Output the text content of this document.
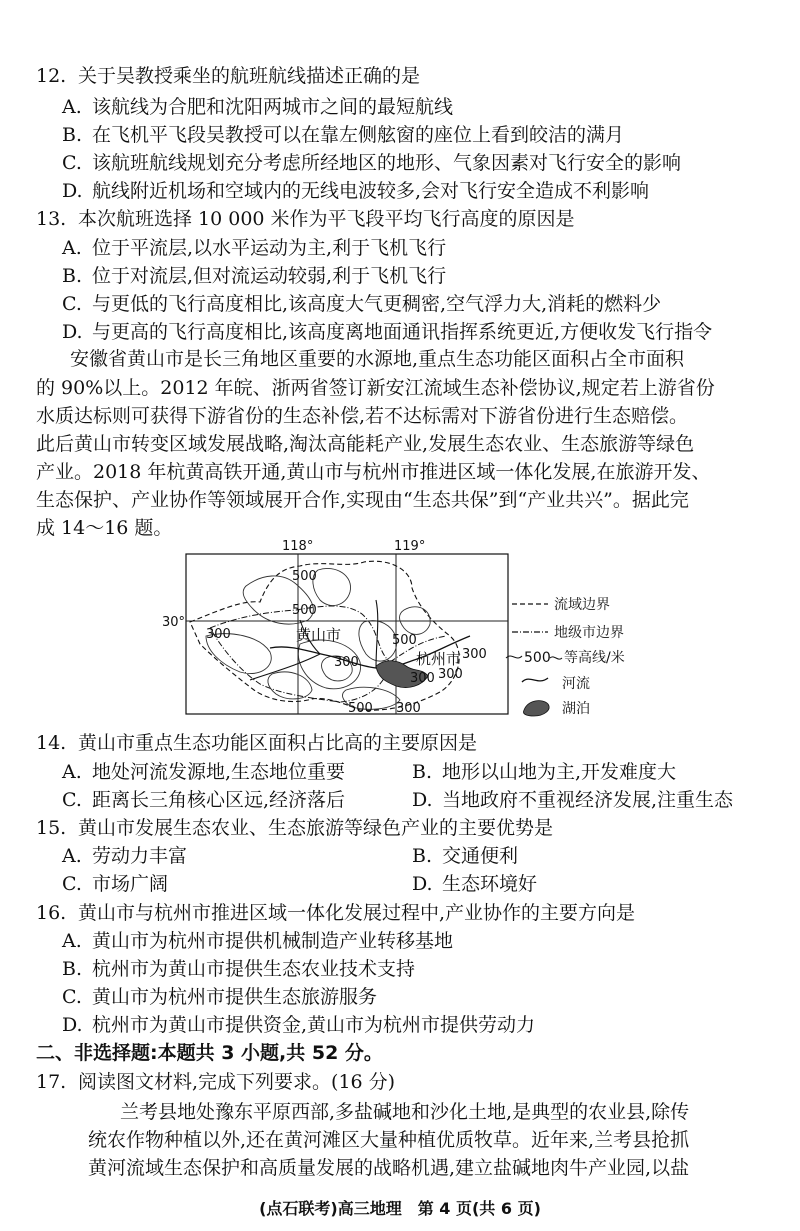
12. 关于吴教授乘坐的航班航线描述正确的是
A. 该航线为合肥和沈阳两城市之间的最短航线
B. 在飞机平飞段吴教授可以在靠左侧舷窗的座位上看到皎洁的满月
C. 该航班航线规划充分考虑所经地区的地形、气象因素对飞行安全的影响
D. 航线附近机场和空域内的无线电波较多,会对飞行安全造成不利影响
13. 本次航班选择 10 000 米作为平飞段平均飞行高度的原因是
A. 位于平流层,以水平运动为主,利于飞机飞行
B. 位于对流层,但对流运动较弱,利于飞机飞行
C. 与更低的飞行高度相比,该高度大气更稠密,空气浮力大,消耗的燃料少
D. 与更高的飞行高度相比,该高度离地面通讯指挥系统更近,方便收发飞行指令
安徽省黄山市是长三角地区重要的水源地,重点生态功能区面积占全市面积
的 90%以上。2012 年皖、浙两省签订新安江流域生态补偿协议,规定若上游省份
水质达标则可获得下游省份的生态补偿,若不达标需对下游省份进行生态赔偿。
此后黄山市转变区域发展战略,淘汰高能耗产业,发展生态农业、生态旅游等绿色
产业。2018 年杭黄高铁开通,黄山市与杭州市推进区域一体化发展,在旅游开发、
生态保护、产业协作等领域展开合作,实现由“生态共保”到“产业共兴”。据此完
成 14～16 题。
118°	119°
30°
黄山市
杭州市
500
300	500
300
300 300
500 300
500
300
流域边界
地级市边界
500 等高线/米
河流
湖泊
14. 黄山市重点生态功能区面积占比高的主要原因是
A. 地处河流发源地,生态地位重要	B. 地形以山地为主,开发难度大
C. 距离长三角核心区远,经济落后	D. 当地政府不重视经济发展,注重生态
15. 黄山市发展生态农业、生态旅游等绿色产业的主要优势是
A. 劳动力丰富	B. 交通便利
C. 市场广阔	D. 生态环境好
16. 黄山市与杭州市推进区域一体化发展过程中,产业协作的主要方向是
A. 黄山市为杭州市提供机械制造产业转移基地
B. 杭州市为黄山市提供生态农业技术支持
C. 黄山市为杭州市提供生态旅游服务
D. 杭州市为黄山市提供资金,黄山市为杭州市提供劳动力
二、非选择题:本题共 3 小题,共 52 分。
17. 阅读图文材料,完成下列要求。(16 分)
兰考县地处豫东平原西部,多盐碱地和沙化土地,是典型的农业县,除传
统农作物种植以外,还在黄河滩区大量种植优质牧草。近年来,兰考县抢抓
黄河流域生态保护和高质量发展的战略机遇,建立盐碱地肉牛产业园,以盐
(点石联考)高三地理　第 4 页(共 6 页)
